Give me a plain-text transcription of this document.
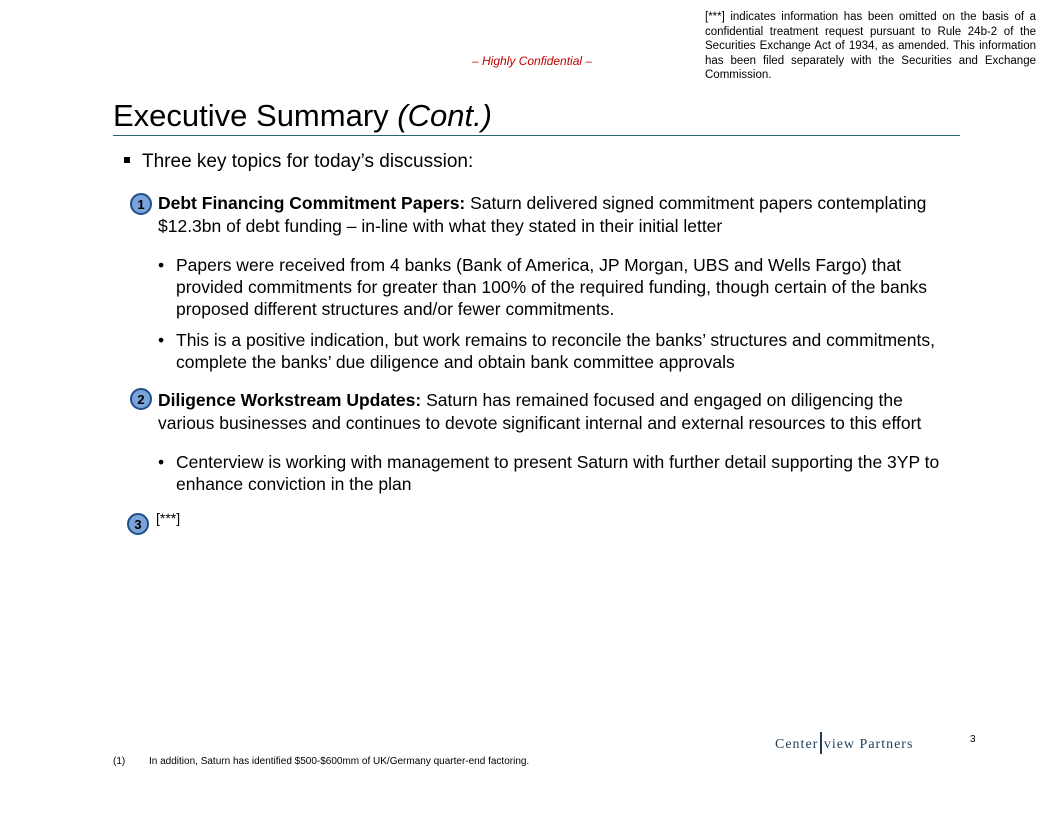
– Highly Confidential –
[***] indicates information has been omitted on the basis of a confidential treatment request pursuant to Rule 24b-2 of the Securities Exchange Act of 1934, as amended. This information has been filed separately with the Securities and Exchange Commission.
Executive Summary (Cont.)
Three key topics for today’s discussion:
1 Debt Financing Commitment Papers: Saturn delivered signed commitment papers contemplating $12.3bn of debt funding – in-line with what they stated in their initial letter
• Papers were received from 4 banks (Bank of America, JP Morgan, UBS and Wells Fargo) that provided commitments for greater than 100% of the required funding, though certain of the banks proposed different structures and/or fewer commitments.
• This is a positive indication, but work remains to reconcile the banks’ structures and commitments, complete the banks’ due diligence and obtain bank committee approvals
2 Diligence Workstream Updates: Saturn has remained focused and engaged on diligencing the various businesses and continues to devote significant internal and external resources to this effort
• Centerview is working with management to present Saturn with further detail supporting the 3YP to enhance conviction in the plan
3	[***]
Center view Partners	3
(1) In addition, Saturn has identified $500-$600mm of UK/Germany quarter-end factoring.
